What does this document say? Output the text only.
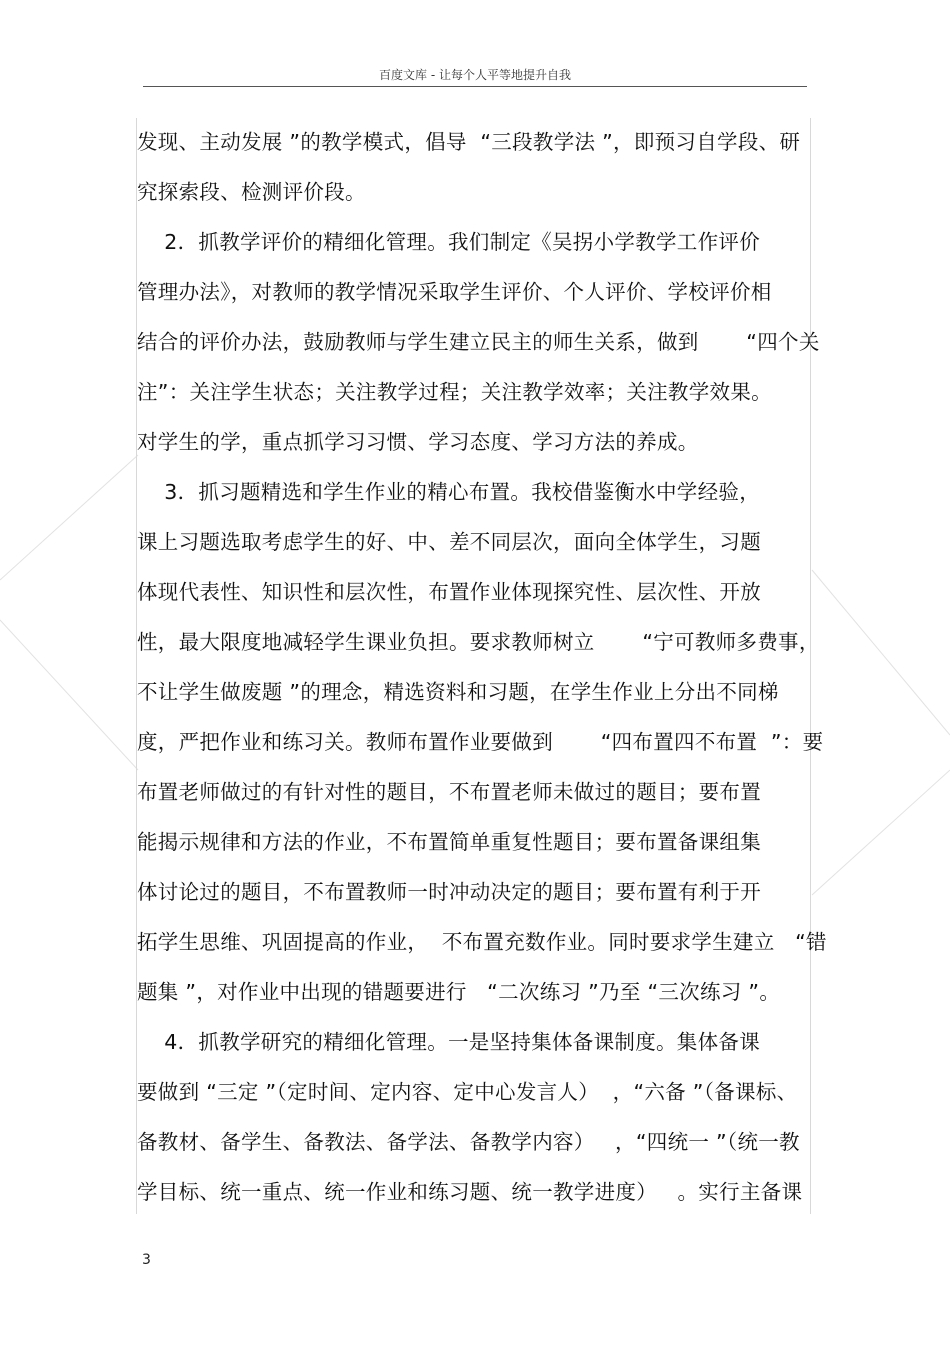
百度文库 - 让每个人平等地提升自我
发现、主动发展 ”的教学模式，倡导  “三段教学法 ”，即预习自学段、研
究探索段、检测评价段。
2．抓教学评价的精细化管理。我们制定《吴拐小学教学工作评价
管理办法》，对教师的教学情况采取学生评价、个人评价、学校评价相
结合的评价办法，鼓励教师与学生建立民主的师生关系，做到       “四个关
注”：关注学生状态；关注教学过程；关注教学效率；关注教学效果。
对学生的学，重点抓学习习惯、学习态度、学习方法的养成。
3．抓习题精选和学生作业的精心布置。我校借鉴衡水中学经验，
课上习题选取考虑学生的好、中、差不同层次，面向全体学生，习题
体现代表性、知识性和层次性，布置作业体现探究性、层次性、开放
性，最大限度地减轻学生课业负担。要求教师树立       “宁可教师多费事，
不让学生做废题 ”的理念，精选资料和习题，在学生作业上分出不同梯
度，严把作业和练习关。教师布置作业要做到       “四布置四不布置  ”：要
布置老师做过的有针对性的题目，不布置老师未做过的题目；要布置
能揭示规律和方法的作业，不布置简单重复性题目；要布置备课组集
体讨论过的题目，不布置教师一时冲动决定的题目；要布置有利于开
拓学生思维、巩固提高的作业，  不布置充数作业。同时要求学生建立   “错
题集 ”，对作业中出现的错题要进行   “二次练习 ”乃至 “三次练习 ”。
4．抓教学研究的精细化管理。一是坚持集体备课制度。集体备课
要做到 “三定 ”（定时间、定内容、定中心发言人）  ，“六备 ”（备课标、
备教材、备学生、备教法、备学法、备教学内容）   ，“四统一 ”（统一教
学目标、统一重点、统一作业和练习题、统一教学进度）   。实行主备课
3
